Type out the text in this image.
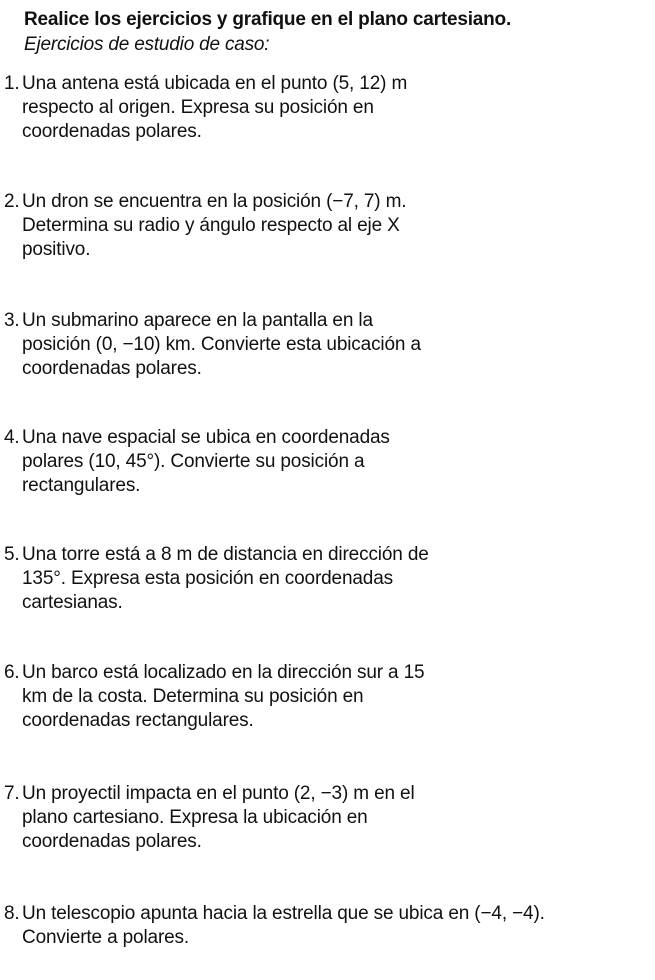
Realice los ejercicios y grafique en el plano cartesiano.
Ejercicios de estudio de caso:
1. Una antena está ubicada en el punto (5, 12) m
respecto al origen. Expresa su posición en
coordenadas polares.
2. Un dron se encuentra en la posición (−7, 7) m.
Determina su radio y ángulo respecto al eje X
positivo.
3. Un submarino aparece en la pantalla en la
posición (0, −10) km. Convierte esta ubicación a
coordenadas polares.
4. Una nave espacial se ubica en coordenadas
polares (10, 45°). Convierte su posición a
rectangulares.
5. Una torre está a 8 m de distancia en dirección de
135°. Expresa esta posición en coordenadas
cartesianas.
6. Un barco está localizado en la dirección sur a 15
km de la costa. Determina su posición en
coordenadas rectangulares.
7. Un proyectil impacta en el punto (2, −3) m en el
plano cartesiano. Expresa la ubicación en
coordenadas polares.
8. Un telescopio apunta hacia la estrella que se ubica en (−4, −4).
Convierte a polares.
